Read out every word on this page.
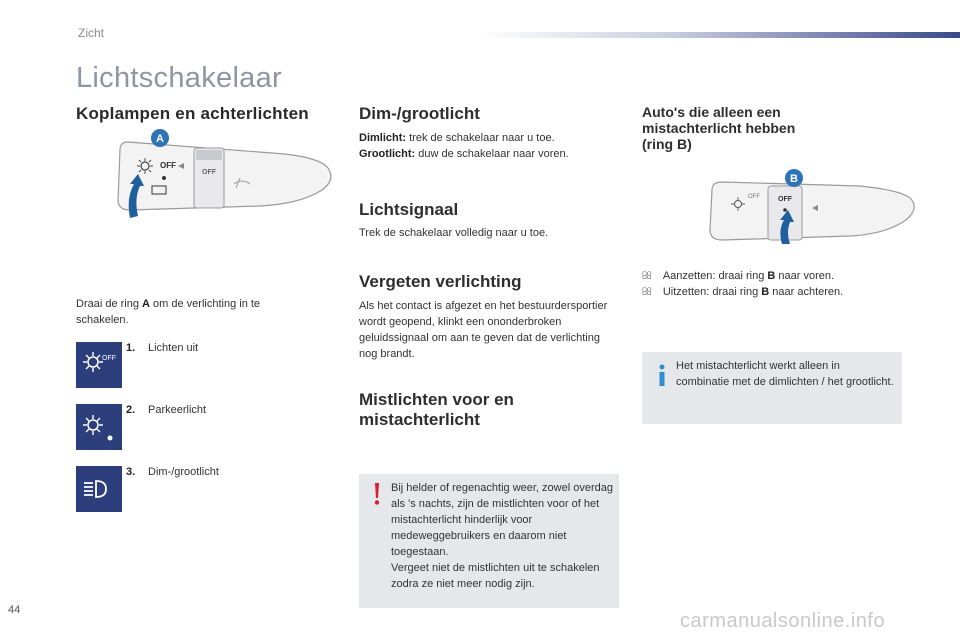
Zicht
Lichtschakelaar
Koplampen en achterlichten
OFF
OFF
A
Draai de ring A om de verlichting in te schakelen.
OFF
1. Lichten uit
2. Parkeerlicht
3. Dim-/grootlicht
Dim-/grootlicht
Dimlicht: trek de schakelaar naar u toe.
Grootlicht: duw de schakelaar naar voren.
Lichtsignaal
Trek de schakelaar volledig naar u toe.
Vergeten verlichting
Als het contact is afgezet en het bestuurdersportier wordt geopend, klinkt een ononderbroken geluidssignaal om aan te geven dat de verlichting nog brandt.
Mistlichten voor en
mistachterlicht
Bij helder of regenachtig weer, zowel overdag als 's nachts, zijn de mistlichten voor of het mistachterlicht hinderlijk voor medeweggebruikers en daarom niet toegestaan.
Vergeet niet de mistlichten uit te schakelen zodra ze niet meer nodig zijn.
Auto's die alleen een
mistachterlicht hebben
(ring B)
OFF	OFF
B
Aanzetten: draai ring B naar voren.
Uitzetten: draai ring B naar achteren.
Het mistachterlicht werkt alleen in combinatie met de dimlichten / het grootlicht.
44	carmanualsonline.info
